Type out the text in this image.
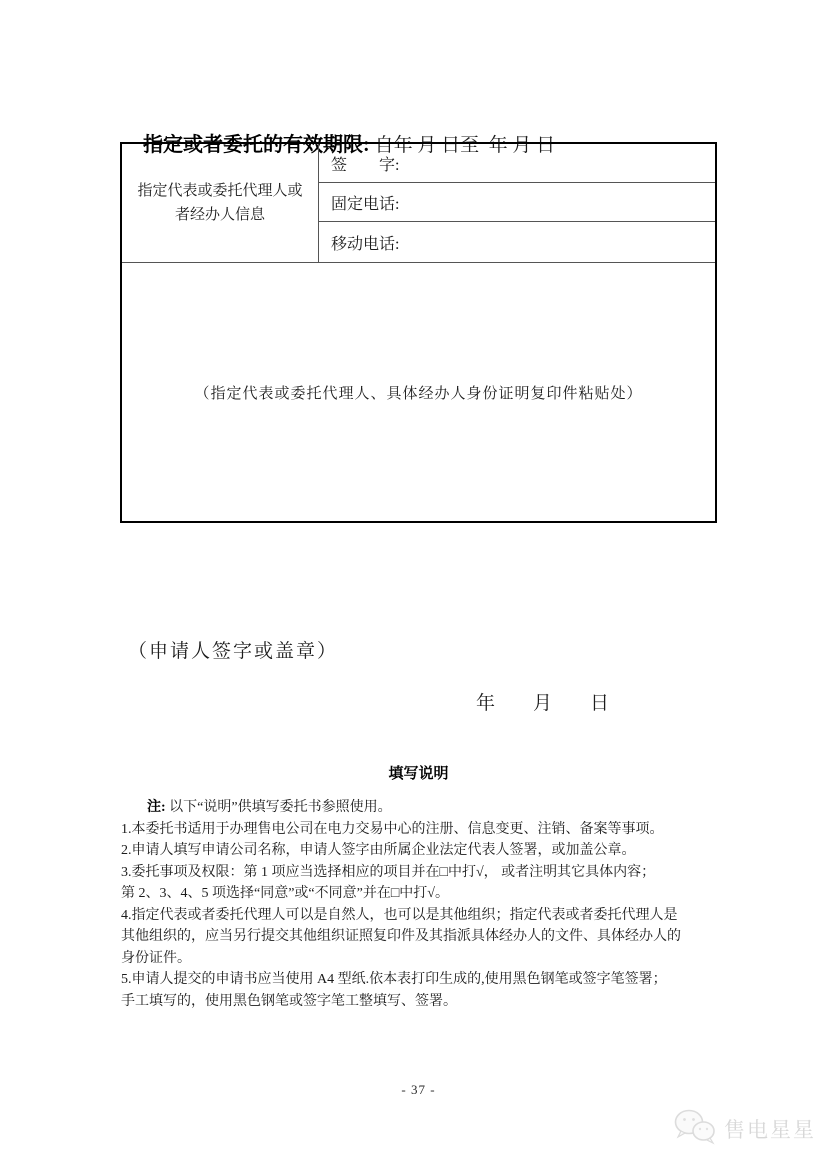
指定或者委托的有效期限: 自年 月 日至  年 月 日

指定代表或委托代理人或
者经办人信息
签　　字:
固定电话:
移动电话:
（指定代表或委托代理人、具体经办人身份证明复印件粘贴处）
（申请人签字或盖章）
年　　月　　日
填写说明
注: 以下“说明”供填写委托书参照使用。
1.本委托书适用于办理售电公司在电力交易中心的注册、信息变更、注销、备案等事项。
2.申请人填写申请公司名称，申请人签字由所属企业法定代表人签署，或加盖公章。
3.委托事项及权限：第 1 项应当选择相应的项目并在□中打√， 或者注明其它具体内容；
第 2、3、4、5 项选择“同意”或“不同意”并在□中打√。
4.指定代表或者委托代理人可以是自然人，也可以是其他组织；指定代表或者委托代理人是
其他组织的，应当另行提交其他组织证照复印件及其指派具体经办人的文件、具体经办人的
身份证件。
5.申请人提交的申请书应当使用 A4 型纸.依本表打印生成的,使用黑色钢笔或签字笔签署；
手工填写的，使用黑色钢笔或签字笔工整填写、签署。
- 37 -
售电星星
